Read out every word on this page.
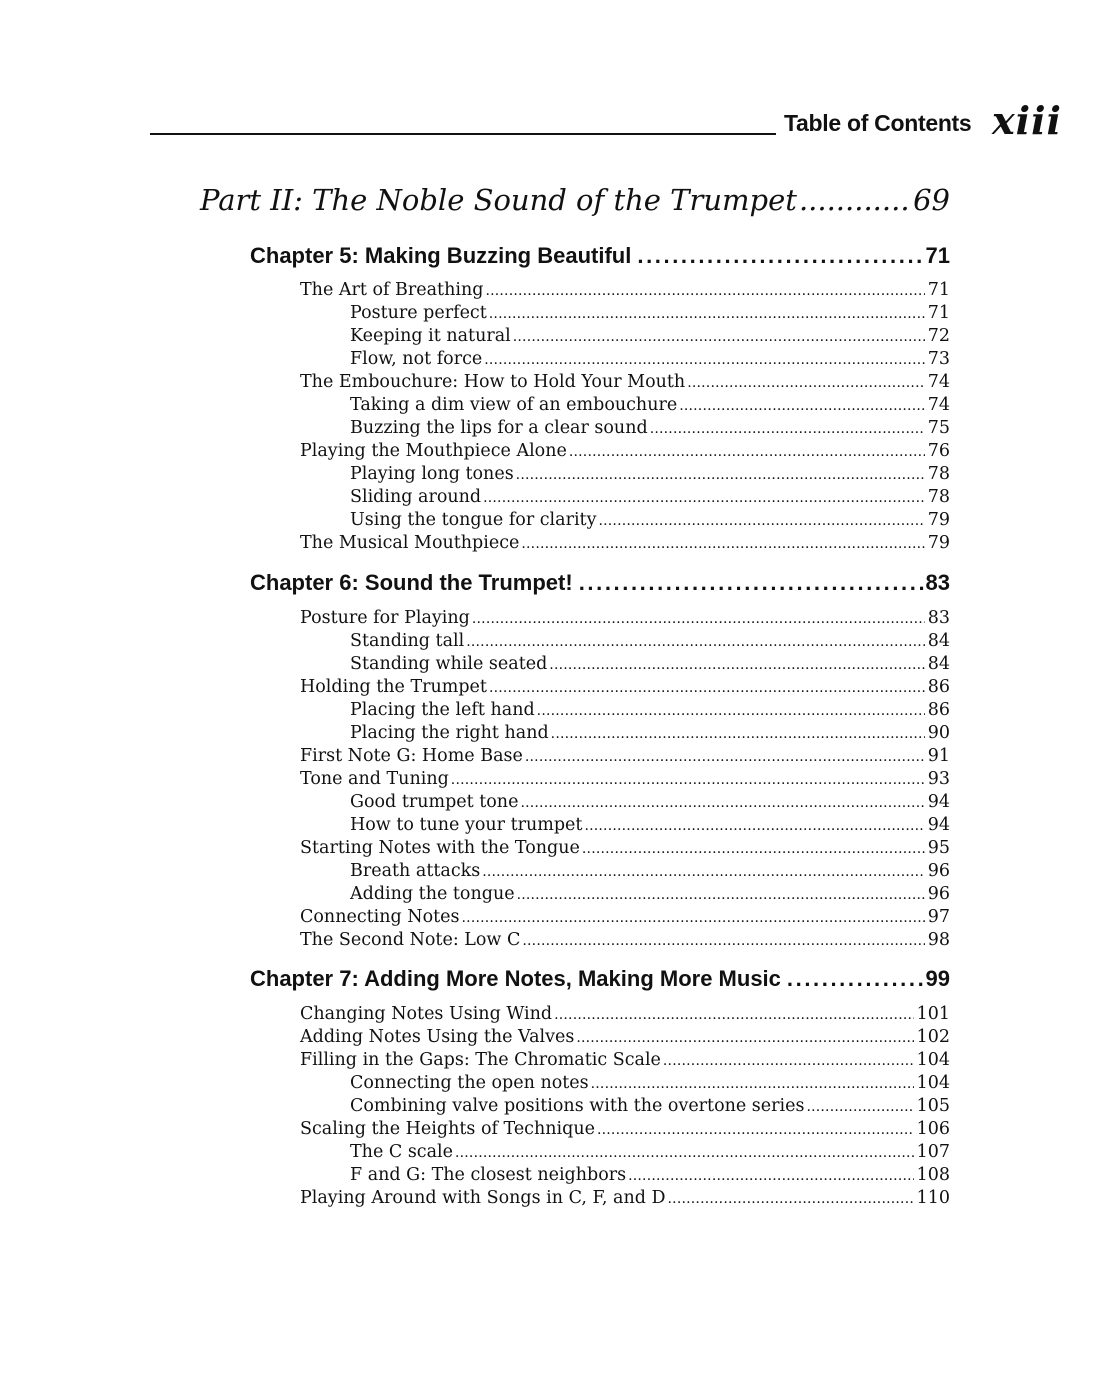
Table of Contents xiii
Part II: The Noble Sound of the Trumpet .....	69
Chapter 5: Making Buzzing Beautiful .....	71
The Art of Breathing .....	71
Posture perfect .....	71
Keeping it natural .....	72
Flow, not force .....	73
The Embouchure: How to Hold Your Mouth .....	74
Taking a dim view of an embouchure .....	74
Buzzing the lips for a clear sound .....	75
Playing the Mouthpiece Alone .....	76
Playing long tones .....	78
Sliding around .....	78
Using the tongue for clarity .....	79
The Musical Mouthpiece .....	79
Chapter 6: Sound the Trumpet! .....	83
Posture for Playing .....	83
Standing tall .....	84
Standing while seated .....	84
Holding the Trumpet .....	86
Placing the left hand .....	86
Placing the right hand .....	90
First Note G: Home Base .....	91
Tone and Tuning .....	93
Good trumpet tone .....	94
How to tune your trumpet .....	94
Starting Notes with the Tongue .....	95
Breath attacks .....	96
Adding the tongue .....	96
Connecting Notes .....	97
The Second Note: Low C .....	98
Chapter 7: Adding More Notes, Making More Music .....	99
Changing Notes Using Wind .....	101
Adding Notes Using the Valves .....	102
Filling in the Gaps: The Chromatic Scale .....	104
Connecting the open notes .....	104
Combining valve positions with the overtone series .....	105
Scaling the Heights of Technique .....	106
The C scale .....	107
F and G: The closest neighbors .....	108
Playing Around with Songs in C, F, and D .....	110
